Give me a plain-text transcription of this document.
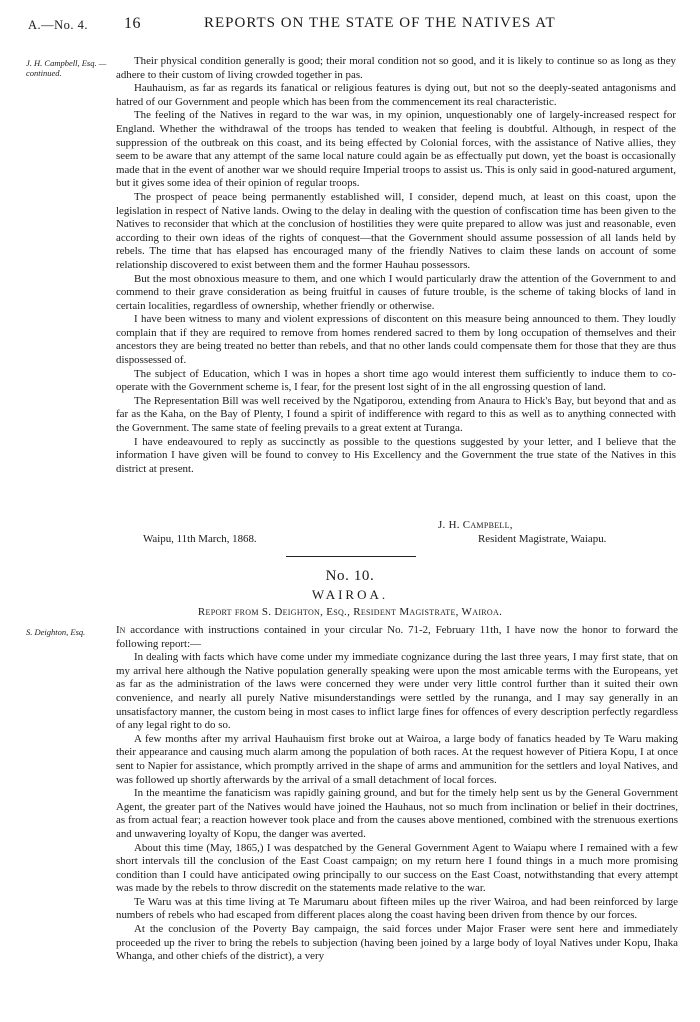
A.—No. 4. 16	REPORTS ON THE STATE OF THE NATIVES AT
J. H. Campbell, Esq. —continued.

Their physical condition generally is good; their moral condition not so good, and it is likely to continue so as long as they adhere to their custom of living crowded together in pas.

Hauhauism, as far as regards its fanatical or religious features is dying out, but not so the deeply-seated antagonisms and hatred of our Government and people which has been from the commencement its real characteristic.

The feeling of the Natives in regard to the war was, in my opinion, unquestionably one of largely-increased respect for England. Whether the withdrawal of the troops has tended to weaken that feeling is doubtful. Although, in respect of the suppression of the outbreak on this coast, and its being effected by Colonial forces, with the assistance of Native allies, they seem to be aware that any attempt of the same local nature could again be as effectually put down, yet the boast is occasionally made that in the event of another war we should require Imperial troops to assist us. This is only said in good-natured argument, but it gives some idea of their opinion of regular troops.

The prospect of peace being permanently established will, I consider, depend much, at least on this coast, upon the legislation in respect of Native lands. Owing to the delay in dealing with the question of confiscation time has been given to the Natives to reconsider that which at the conclusion of hostilities they were quite prepared to allow was just and reasonable, even according to their own ideas of the rights of conquest—that the Government should assume possession of all lands held by rebels. The time that has elapsed has encouraged many of the friendly Natives to claim these lands on account of some relationship discovered to exist between them and the former Hauhau possessors.

But the most obnoxious measure to them, and one which I would particularly draw the attention of the Government to and commend to their grave consideration as being fruitful in causes of future trouble, is the scheme of taking blocks of land in certain localities, regardless of ownership, whether friendly or otherwise.

I have been witness to many and violent expressions of discontent on this measure being announced to them. They loudly complain that if they are required to remove from homes rendered sacred to them by long occupation of themselves and their ancestors they are being treated no better than rebels, and that no other lands could compensate them for those that they are thus dispossessed of.

The subject of Education, which I was in hopes a short time ago would interest them sufficiently to induce them to co-operate with the Government scheme is, I fear, for the present lost sight of in the all engrossing question of land.

The Representation Bill was well received by the Ngatiporou, extending from Anaura to Hick's Bay, but beyond that and as far as the Kaha, on the Bay of Plenty, I found a spirit of indifference with regard to this as well as to anything connected with the Government. The same state of feeling prevails to a great extent at Turanga.

I have endeavoured to reply as succinctly as possible to the questions suggested by your letter, and I believe that the information I have given will be found to convey to His Excellency and the Government the true state of the Natives in this district at present.

J. H. Campbell,
Waipu, 11th March, 1868.	Resident Magistrate, Waiapu.
No. 10.
WAIROA.
Report from S. Deighton, Esq., Resident Magistrate, Wairoa.
S. Deighton, Esq.	In accordance with instructions contained in your circular No. 71-2, February 11th, I have now the honor to forward the following report:—

In dealing with facts which have come under my immediate cognizance during the last three years, I may first state, that on my arrival here although the Native population generally speaking were upon the most amicable terms with the Europeans, yet as far as the administration of the laws were concerned they were under very little control further than it suited their own convenience, and nearly all purely Native misunderstandings were settled by the runanga, and I may say generally in an unsatisfactory manner, the custom being in most cases to inflict large fines for offences of every description perfectly regardless of any legal right to do so.

A few months after my arrival Hauhauism first broke out at Wairoa, a large body of fanatics headed by Te Waru making their appearance and causing much alarm among the population of both races. At the request however of Pitiera Kopu, I at once sent to Napier for assistance, which promptly arrived in the shape of arms and ammunition for the settlers and loyal Natives, and was followed up shortly afterwards by the arrival of a small detachment of local forces.

In the meantime the fanaticism was rapidly gaining ground, and but for the timely help sent us by the General Government Agent, the greater part of the Natives would have joined the Hauhaus, not so much from inclination or belief in their doctrines, as from actual fear; a reaction however took place and from the causes above mentioned, combined with the strenuous exertions and unwavering loyalty of Kopu, the danger was averted.

About this time (May, 1865,) I was despatched by the General Government Agent to Waiapu where I remained with a few short intervals till the conclusion of the East Coast campaign; on my return here I found things in a much more promising condition than I could have anticipated owing principally to our success on the East Coast, notwithstanding that every attempt was made by the rebels to throw discredit on the statements made relative to the war.

Te Waru was at this time living at Te Marumaru about fifteen miles up the river Wairoa, and had been reinforced by large numbers of rebels who had escaped from different places along the coast having been driven from thence by our forces.

At the conclusion of the Poverty Bay campaign, the said forces under Major Fraser were sent here and immediately proceeded up the river to bring the rebels to subjection (having been joined by a large body of loyal Natives under Kopu, Ihaka Whanga, and other chiefs of the district), a very
